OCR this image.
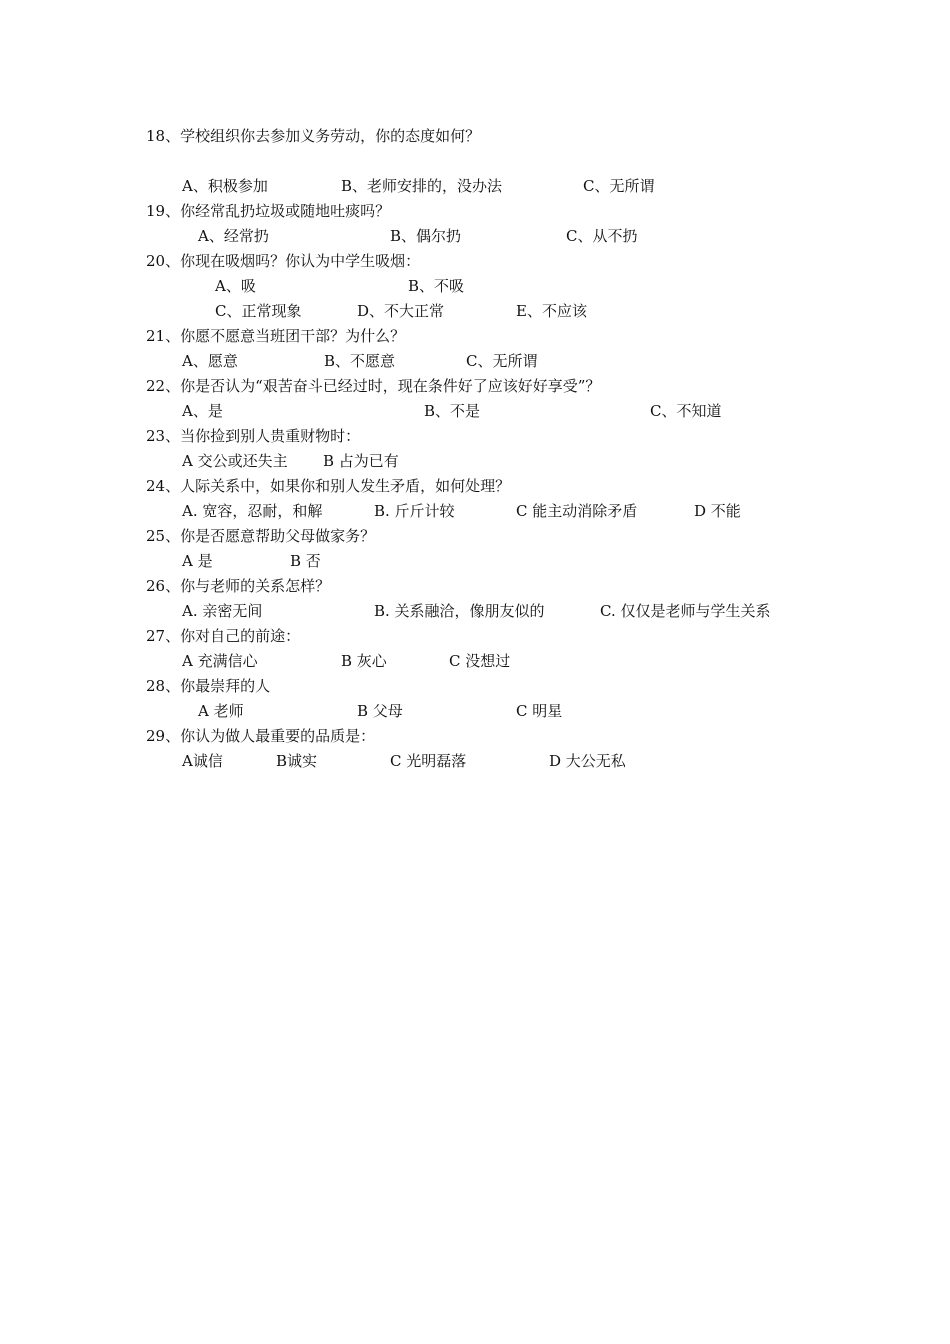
18、学校组织你去参加义务劳动，你的态度如何？
A、积极参加	B、老师安排的，没办法	C、无所谓
19、你经常乱扔垃圾或随地吐痰吗？
A、经常扔	B、偶尔扔	C、从不扔
20、你现在吸烟吗？你认为中学生吸烟：
A、吸	B、不吸
C、正常现象	D、不大正常	E、不应该
21、你愿不愿意当班团干部？为什么？
A、愿意	B、不愿意	C、无所谓
22、你是否认为“艰苦奋斗已经过时，现在条件好了应该好好享受”？
A、是	B、不是	C、不知道
23、当你捡到别人贵重财物时：
A 交公或还失主 B 占为已有
24、人际关系中，如果你和别人发生矛盾，如何处理？
A. 宽容，忍耐，和解	B. 斤斤计较	C 能主动消除矛盾	D 不能
25、你是否愿意帮助父母做家务？
A 是	B 否
26、你与老师的关系怎样？
A. 亲密无间	B. 关系融洽，像朋友似的	C. 仅仅是老师与学生关系
27、你对自己的前途：
A 充满信心	B 灰心	C 没想过
28、你最崇拜的人
A 老师	B 父母	C 明星
29、你认为做人最重要的品质是：
A诚信	B诚实	C 光明磊落	D 大公无私
